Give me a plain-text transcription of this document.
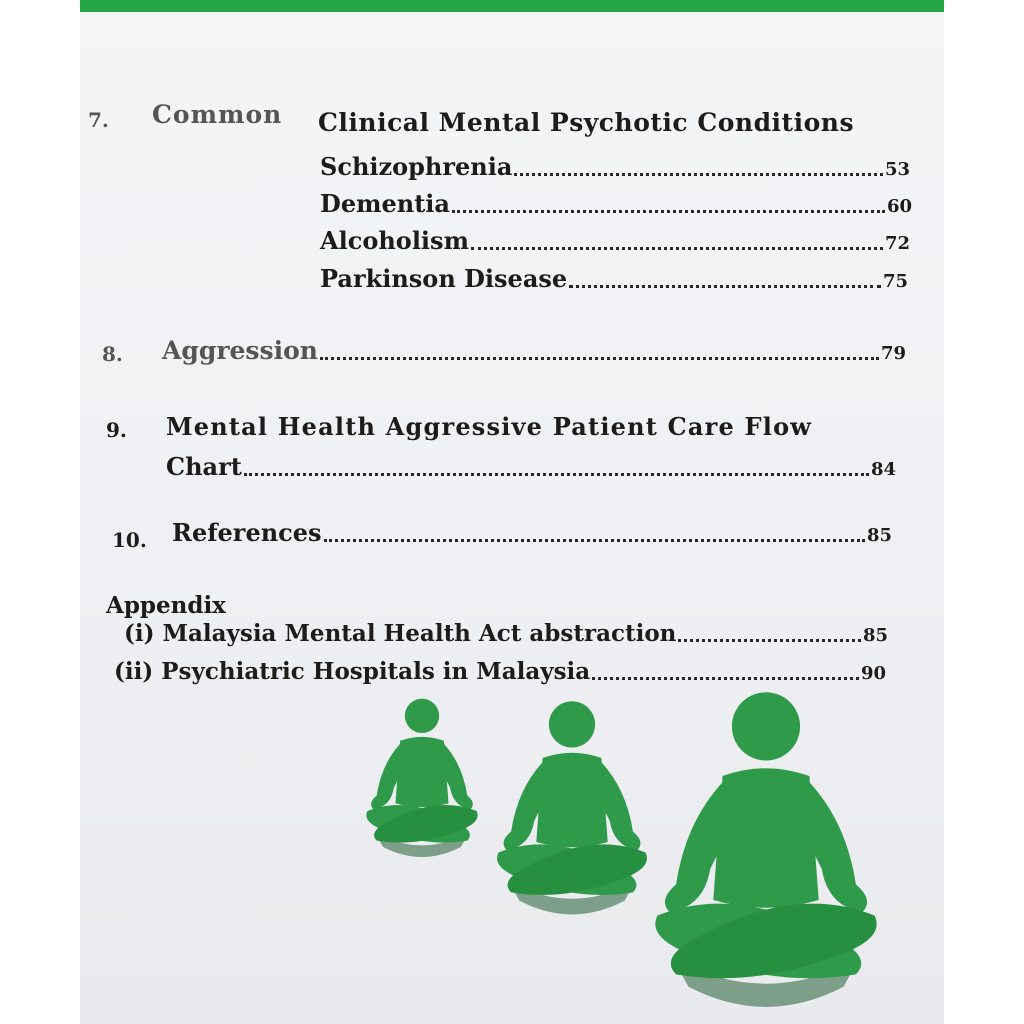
7. Common Clinical Mental Psychotic Conditions
Schizophrenia	53
Dementia	60
Alcoholism	72
Parkinson Disease	75
8. Aggression	79
9. Mental Health Aggressive Patient Care Flow
Chart	84
10. References	85
Appendix
(i) Malaysia Mental Health Act abstraction	85
(ii) Psychiatric Hospitals in Malaysia	90
